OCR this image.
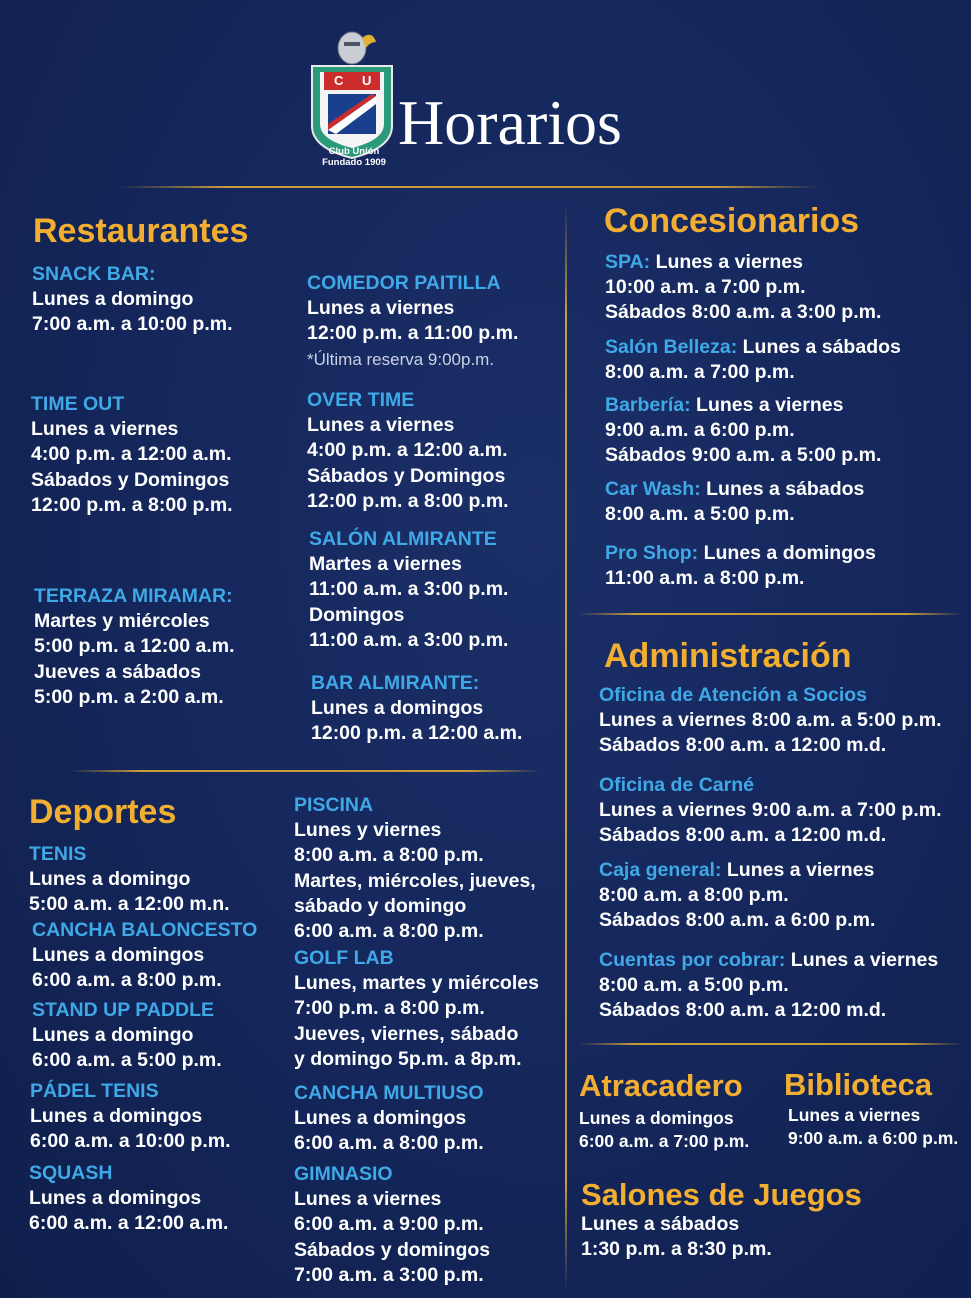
C U
Club Unión
Fundado 1909
Horarios
Restaurantes
SNACK BAR:
Lunes a domingo
7:00 a.m. a 10:00 p.m.
TIME OUT
Lunes a viernes
4:00 p.m. a 12:00 a.m.
Sábados y Domingos
12:00 p.m. a 8:00 p.m.
TERRAZA MIRAMAR:
Martes y miércoles
5:00 p.m. a 12:00 a.m.
Jueves a sábados
5:00 p.m. a 2:00 a.m.
COMEDOR PAITILLA
Lunes a viernes
12:00 p.m. a 11:00 p.m.
*Última reserva 9:00p.m.
OVER TIME
Lunes a viernes
4:00 p.m. a 12:00 a.m.
Sábados y Domingos
12:00 p.m. a 8:00 p.m.
SALÓN ALMIRANTE
Martes a viernes
11:00 a.m. a 3:00 p.m.
Domingos
11:00 a.m. a 3:00 p.m.
BAR ALMIRANTE:
Lunes a domingos
12:00 p.m. a 12:00 a.m.
Concesionarios
SPA: Lunes a viernes
10:00 a.m. a 7:00 p.m.
Sábados 8:00 a.m. a 3:00 p.m.
Salón Belleza: Lunes a sábados
8:00 a.m. a 7:00 p.m.
Barbería: Lunes a viernes
9:00 a.m. a 6:00 p.m.
Sábados 9:00 a.m. a 5:00 p.m.
Car Wash: Lunes a sábados
8:00 a.m. a 5:00 p.m.
Pro Shop: Lunes a domingos
11:00 a.m. a 8:00 p.m.
Administración
Oficina de Atención a Socios
Lunes a viernes 8:00 a.m. a 5:00 p.m.
Sábados 8:00 a.m. a 12:00 m.d.
Oficina de Carné
Lunes a viernes 9:00 a.m. a 7:00 p.m.
Sábados 8:00 a.m. a 12:00 m.d.
Caja general: Lunes a viernes
8:00 a.m. a 8:00 p.m.
Sábados 8:00 a.m. a 6:00 p.m.
Cuentas por cobrar: Lunes a viernes
8:00 a.m. a 5:00 p.m.
Sábados 8:00 a.m. a 12:00 m.d.
Deportes
TENIS
Lunes a domingo
5:00 a.m. a 12:00 m.n.
CANCHA BALONCESTO
Lunes a domingos
6:00 a.m. a 8:00 p.m.
STAND UP PADDLE
Lunes a domingo
6:00 a.m. a 5:00 p.m.
PÁDEL TENIS
Lunes a domingos
6:00 a.m. a 10:00 p.m.
SQUASH
Lunes a domingos
6:00 a.m. a 12:00 a.m.
PISCINA
Lunes y viernes
8:00 a.m. a 8:00 p.m.
Martes, miércoles, jueves,
sábado y domingo
6:00 a.m. a 8:00 p.m.
GOLF LAB
Lunes, martes y miércoles
7:00 p.m. a 8:00 p.m.
Jueves, viernes, sábado
y domingo 5p.m. a 8p.m.
CANCHA MULTIUSO
Lunes a domingos
6:00 a.m. a 8:00 p.m.
GIMNASIO
Lunes a viernes
6:00 a.m. a 9:00 p.m.
Sábados y domingos
7:00 a.m. a 3:00 p.m.
Atracadero
Lunes a domingos
6:00 a.m. a 7:00 p.m.
Biblioteca
Lunes a viernes
9:00 a.m. a 6:00 p.m.
Salones de Juegos
Lunes a sábados
1:30 p.m. a 8:30 p.m.
